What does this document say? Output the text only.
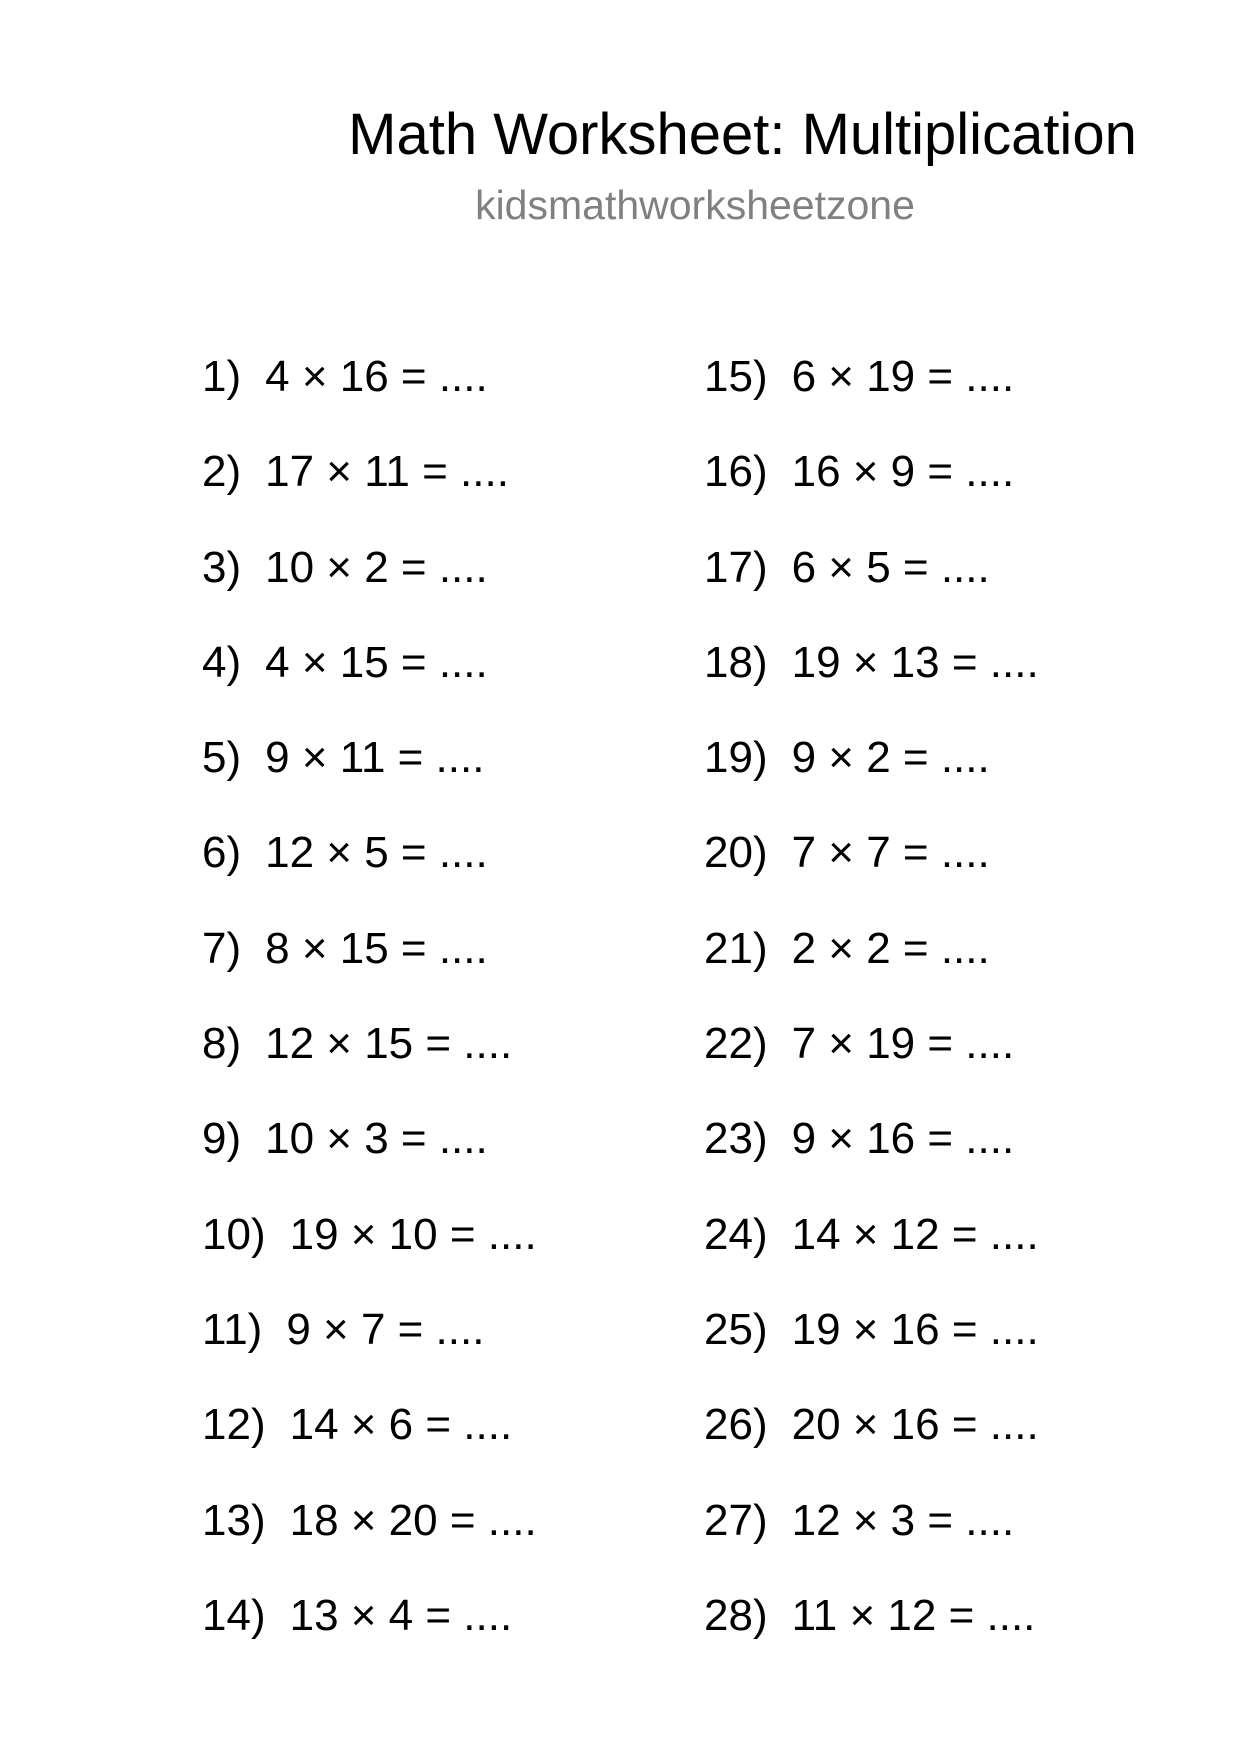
Math Worksheet: Multiplication
kidsmathworksheetzone
1) 4 × 16 = ....
2) 17 × 11 = ....
3) 10 × 2 = ....
4) 4 × 15 = ....
5) 9 × 11 = ....
6) 12 × 5 = ....
7) 8 × 15 = ....
8) 12 × 15 = ....
9) 10 × 3 = ....
10) 19 × 10 = ....
11) 9 × 7 = ....
12) 14 × 6 = ....
13) 18 × 20 = ....
14) 13 × 4 = ....
15) 6 × 19 = ....
16) 16 × 9 = ....
17) 6 × 5 = ....
18) 19 × 13 = ....
19) 9 × 2 = ....
20) 7 × 7 = ....
21) 2 × 2 = ....
22) 7 × 19 = ....
23) 9 × 16 = ....
24) 14 × 12 = ....
25) 19 × 16 = ....
26) 20 × 16 = ....
27) 12 × 3 = ....
28) 11 × 12 = ....
